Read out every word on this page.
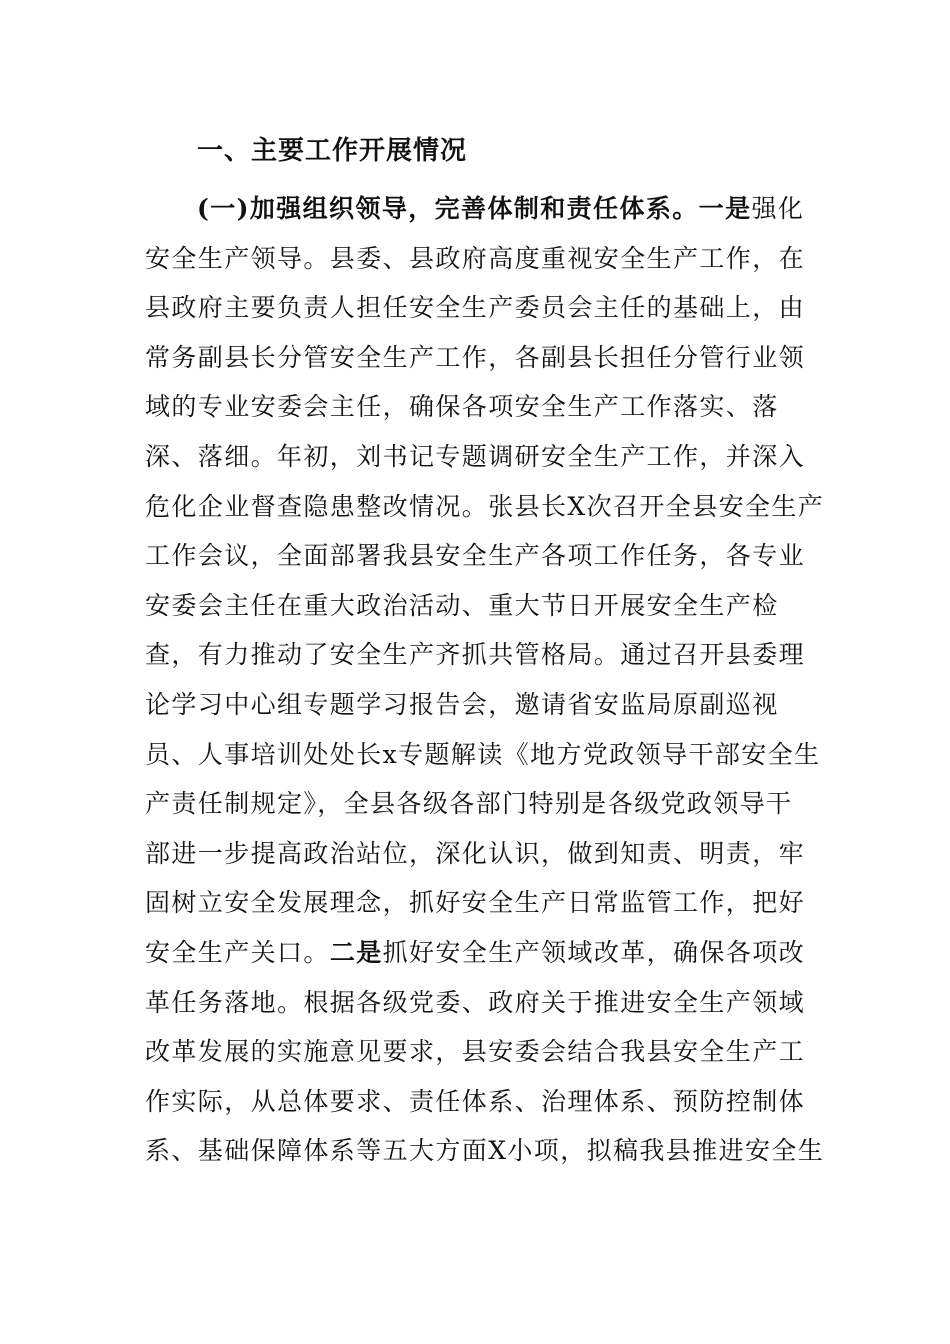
一、主要工作开展情况
(一)加强组织领导，完善体制和责任体系。一是强化
安全生产领导。县委、县政府高度重视安全生产工作，在
县政府主要负责人担任安全生产委员会主任的基础上，由
常务副县长分管安全生产工作，各副县长担任分管行业领
域的专业安委会主任，确保各项安全生产工作落实、落
深、落细。年初，刘书记专题调研安全生产工作，并深入
危化企业督查隐患整改情况。张县长X次召开全县安全生产
工作会议，全面部署我县安全生产各项工作任务，各专业
安委会主任在重大政治活动、重大节日开展安全生产检
查，有力推动了安全生产齐抓共管格局。通过召开县委理
论学习中心组专题学习报告会，邀请省安监局原副巡视
员、人事培训处处长x专题解读《地方党政领导干部安全生
产责任制规定》，全县各级各部门特别是各级党政领导干
部进一步提高政治站位，深化认识，做到知责、明责，牢
固树立安全发展理念，抓好安全生产日常监管工作，把好
安全生产关口。二是抓好安全生产领域改革，确保各项改
革任务落地。根据各级党委、政府关于推进安全生产领域
改革发展的实施意见要求，县安委会结合我县安全生产工
作实际，从总体要求、责任体系、治理体系、预防控制体
系、基础保障体系等五大方面X小项，拟稿我县推进安全生
